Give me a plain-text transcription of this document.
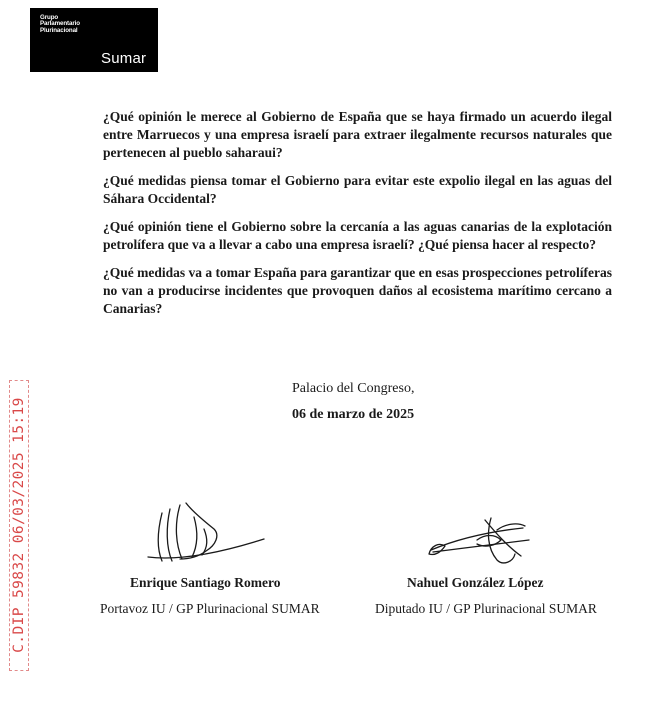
Grupo
Parlamentario
Plurinacional
Sumar

¿Qué opinión le merece al Gobierno de España que se haya firmado un acuerdo ilegal entre Marruecos y una empresa israelí para extraer ilegalmente recursos naturales que pertenecen al pueblo saharaui?

¿Qué medidas piensa tomar el Gobierno para evitar este expolio ilegal en las aguas del Sáhara Occidental?

¿Qué opinión tiene el Gobierno sobre la cercanía a las aguas canarias de la explotación petrolífera que va a llevar a cabo una empresa israelí? ¿Qué piensa hacer al respecto?

¿Qué medidas va a tomar España para garantizar que en esas prospecciones petrolíferas no van a producirse incidentes que provoquen daños al ecosistema marítimo cercano a Canarias?

Palacio del Congreso,
06 de marzo de 2025
Enrique Santiago Romero
Portavoz IU / GP Plurinacional SUMAR
Nahuel González López
Diputado IU / GP Plurinacional SUMAR
C.DIP 59832 06/03/2025 15:19
